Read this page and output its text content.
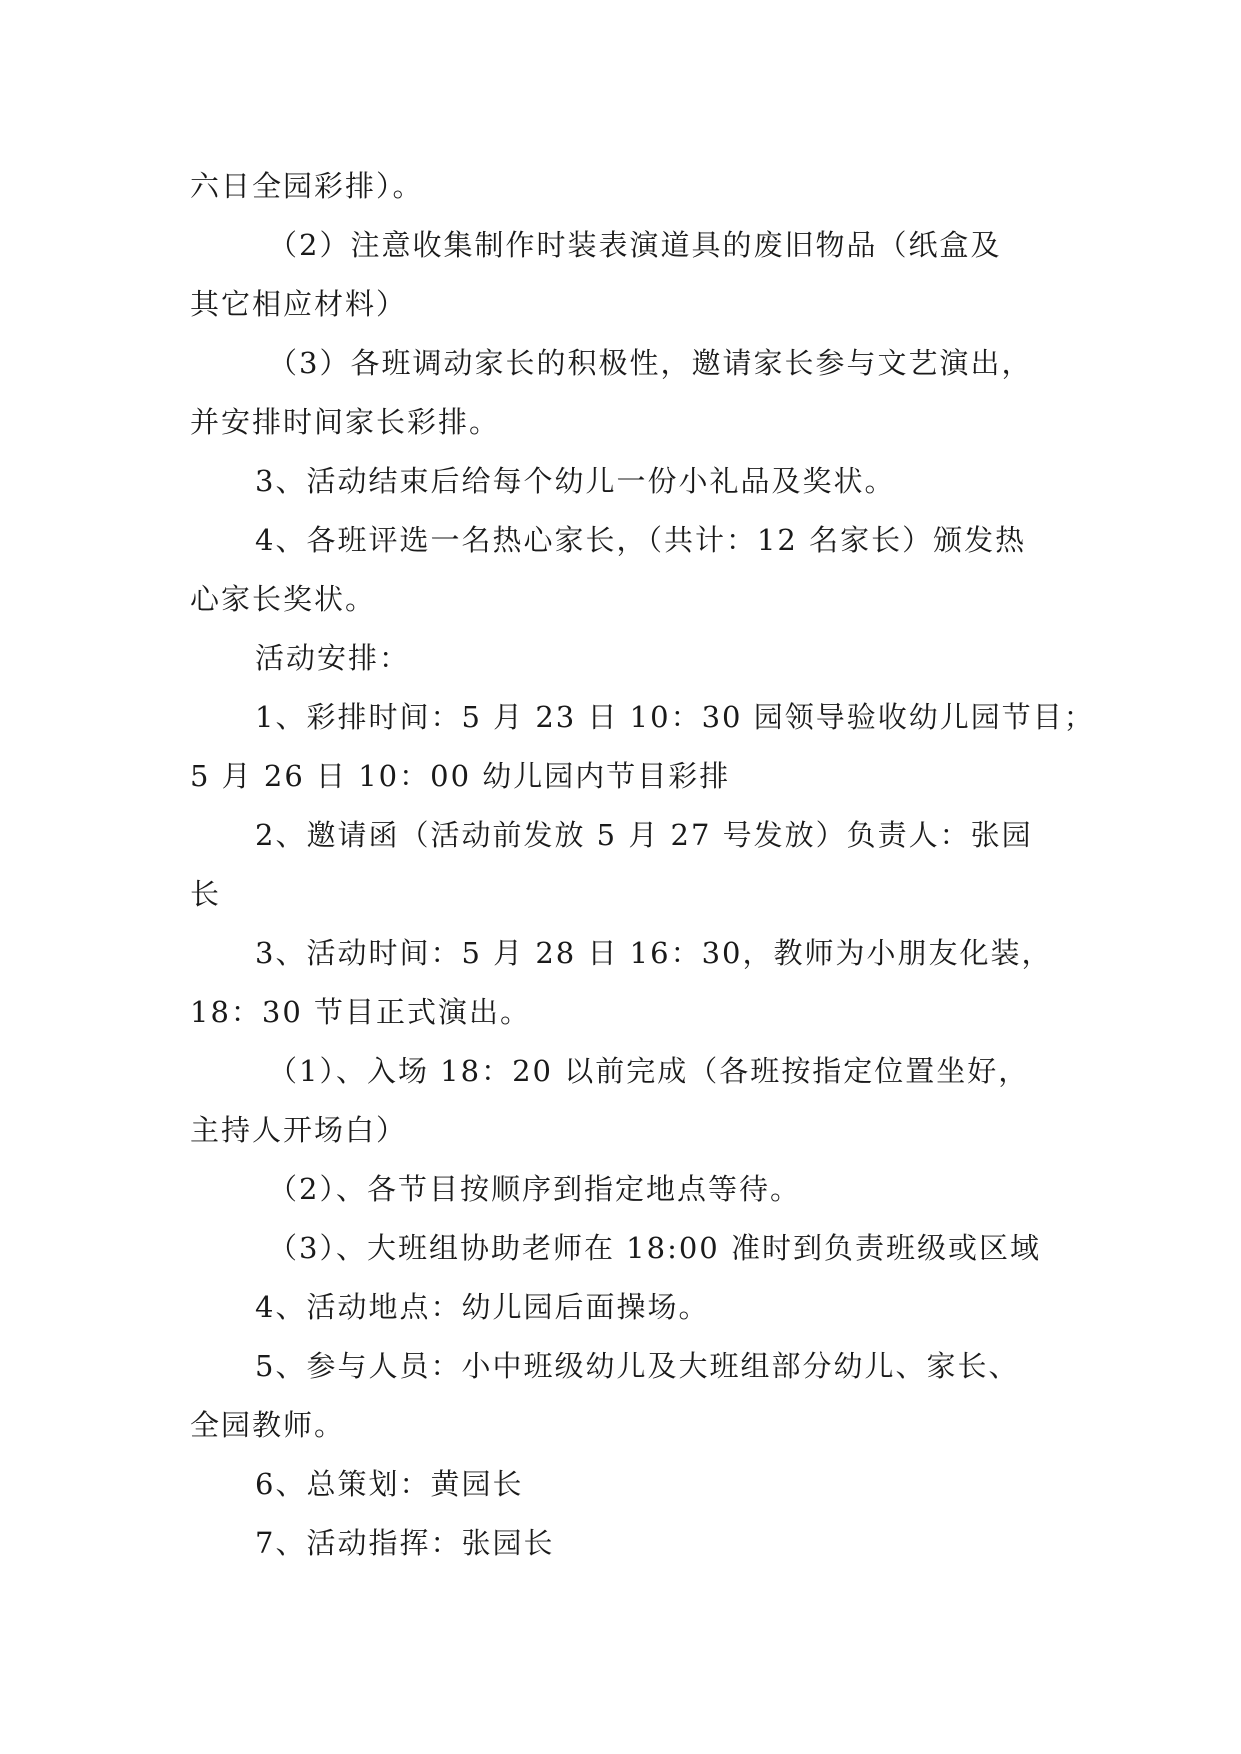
六日全园彩排）。
（2）注意收集制作时装表演道具的废旧物品（纸盒及
其它相应材料）
（3）各班调动家长的积极性，邀请家长参与文艺演出，
并安排时间家长彩排。
3、活动结束后给每个幼儿一份小礼品及奖状。
4、各班评选一名热心家长，（共计：12 名家长）颁发热
心家长奖状。
活动安排：
1、彩排时间：5 月 23 日 10：30 园领导验收幼儿园节目；
5 月 26 日 10：00 幼儿园内节目彩排
2、邀请函（活动前发放 5 月 27 号发放）负责人：张园
长
3、活动时间：5 月 28 日 16：30，教师为小朋友化装，
18：30 节目正式演出。
（1）、入场 18：20 以前完成（各班按指定位置坐好，
主持人开场白）
（2）、各节目按顺序到指定地点等待。
（3）、大班组协助老师在 18:00 准时到负责班级或区域
4、活动地点：幼儿园后面操场。
5、参与人员：小中班级幼儿及大班组部分幼儿、家长、
全园教师。
6、总策划：黄园长
7、活动指挥：张园长
